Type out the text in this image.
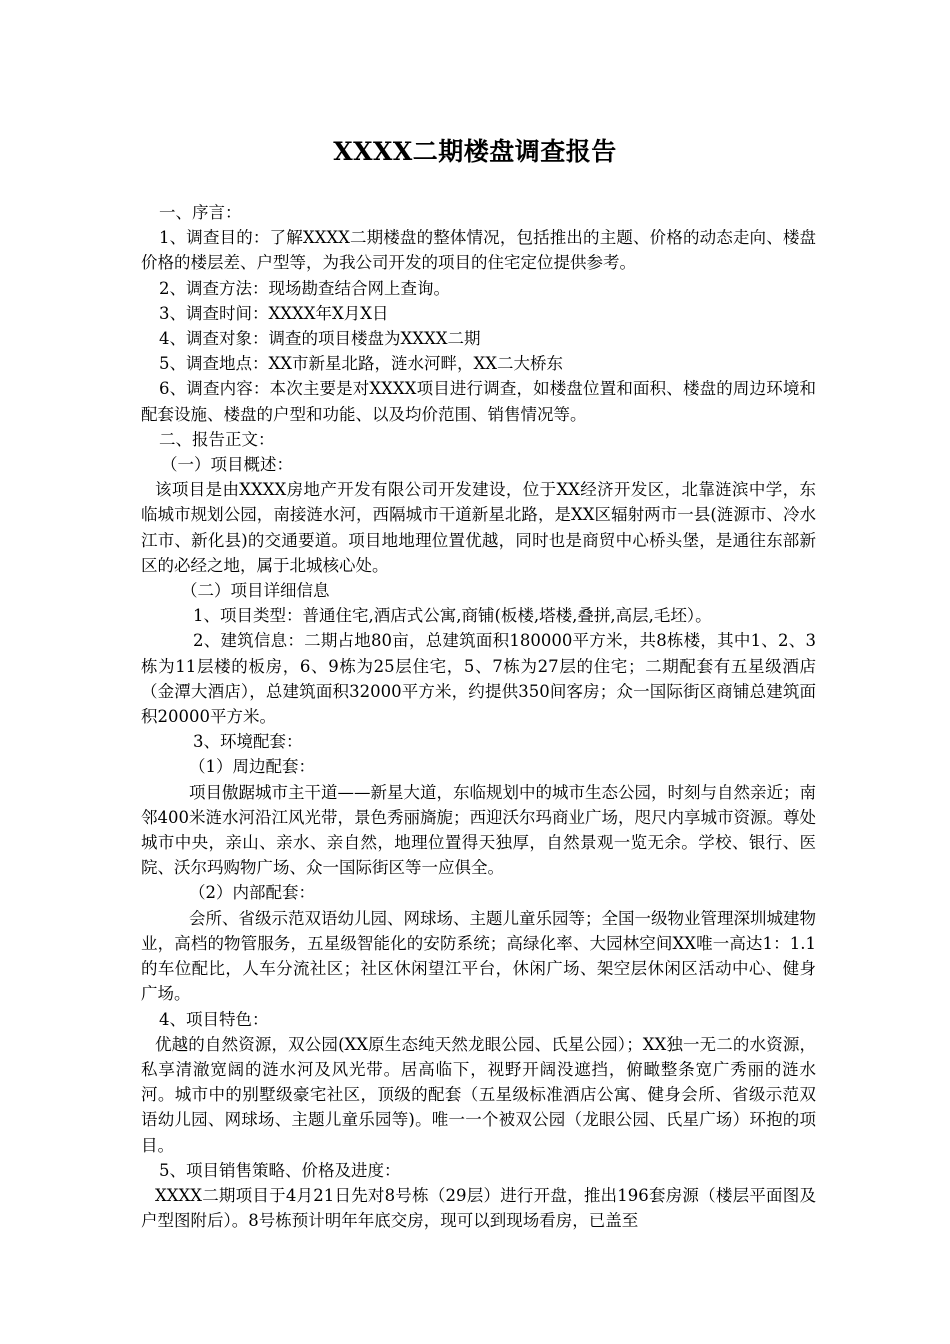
XXXX二期楼盘调查报告

一、序言：

1、调查目的：了解XXXX二期楼盘的整体情况，包括推出的主题、价格的动态走向、楼盘价格的楼层差、户型等，为我公司开发的项目的住宅定位提供参考。

2、调查方法：现场勘查结合网上查询。

3、调查时间：XXXX年X月X日

4、调查对象：调查的项目楼盘为XXXX二期

5、调查地点：XX市新星北路，涟水河畔，XX二大桥东

6、调查内容：本次主要是对XXXX项目进行调查，如楼盘位置和面积、楼盘的周边环境和配套设施、楼盘的户型和功能、以及均价范围、销售情况等。

二、报告正文：

（一）项目概述：

该项目是由XXXX房地产开发有限公司开发建设，位于XX经济开发区，北靠涟滨中学，东临城市规划公园，南接涟水河，西隔城市干道新星北路，是XX区辐射两市一县(涟源市、冷水江市、新化县)的交通要道。项目地地理位置优越，同时也是商贸中心桥头堡，是通往东部新区的必经之地，属于北城核心处。

（二）项目详细信息

1、项目类型：普通住宅,酒店式公寓,商铺(板楼,塔楼,叠拼,高层,毛坯）。

2、建筑信息：二期占地80亩，总建筑面积180000平方米，共8栋楼，其中1、2、3栋为11层楼的板房，6、9栋为25层住宅，5、7栋为27层的住宅；二期配套有五星级酒店（金潭大酒店），总建筑面积32000平方米，约提供350间客房；众一国际街区商铺总建筑面积20000平方米。

3、环境配套：

（1）周边配套：

项目傲踞城市主干道——新星大道，东临规划中的城市生态公园，时刻与自然亲近；南邻400米涟水河沿江风光带，景色秀丽旖旎；西迎沃尔玛商业广场，咫尺内享城市资源。尊处城市中央，亲山、亲水、亲自然，地理位置得天独厚，自然景观一览无余。学校、银行、医院、沃尔玛购物广场、众一国际街区等一应俱全。

（2）内部配套：

会所、省级示范双语幼儿园、网球场、主题儿童乐园等；全国一级物业管理深圳城建物业，高档的物管服务，五星级智能化的安防系统；高绿化率、大园林空间XX唯一高达1：1.1的车位配比，人车分流社区；社区休闲望江平台，休闲广场、架空层休闲区活动中心、健身广场。

4、项目特色：

优越的自然资源，双公园(XX原生态纯天然龙眼公园、氏星公园）；XX独一无二的水资源，私享清澈宽阔的涟水河及风光带。居高临下，视野开阔没遮挡，俯瞰整条宽广秀丽的涟水河。城市中的别墅级豪宅社区，顶级的配套（五星级标准酒店公寓、健身会所、省级示范双语幼儿园、网球场、主题儿童乐园等)。唯一一个被双公园（龙眼公园、氏星广场）环抱的项目。

5、项目销售策略、价格及进度：

XXXX二期项目于4月21日先对8号栋（29层）进行开盘，推出196套房源（楼层平面图及户型图附后）。8号栋预计明年年底交房，现可以到现场看房，已盖至
